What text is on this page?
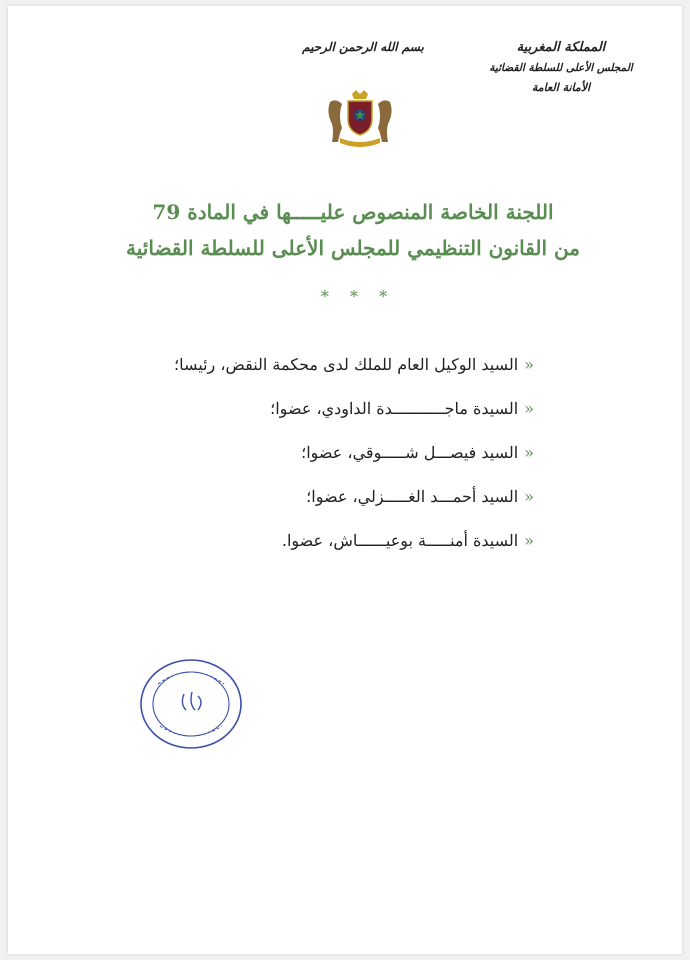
المملكة المغربية
المجلس الأعلى للسلطة القضائية
الأمانة العامة
بسم الله الرحمن الرحيم
اللجنة الخاصة المنصوص عليـــــها في المادة 79
من القانون التنظيمي للمجلس الأعلى للسلطة القضائية
* * *
«
السيد الوكيل العام للملك لدى محكمة النقض، رئيسا؛
«
السيدة ماجـــــــــــدة الداودي، عضوا؛
«
السيد فيصـــل شـــــوقي، عضوا؛
«
السيد أحمـــد الغـــــزلي، عضوا؛
«
السيدة أمنـــــة بوعيــــــاش، عضوا.
